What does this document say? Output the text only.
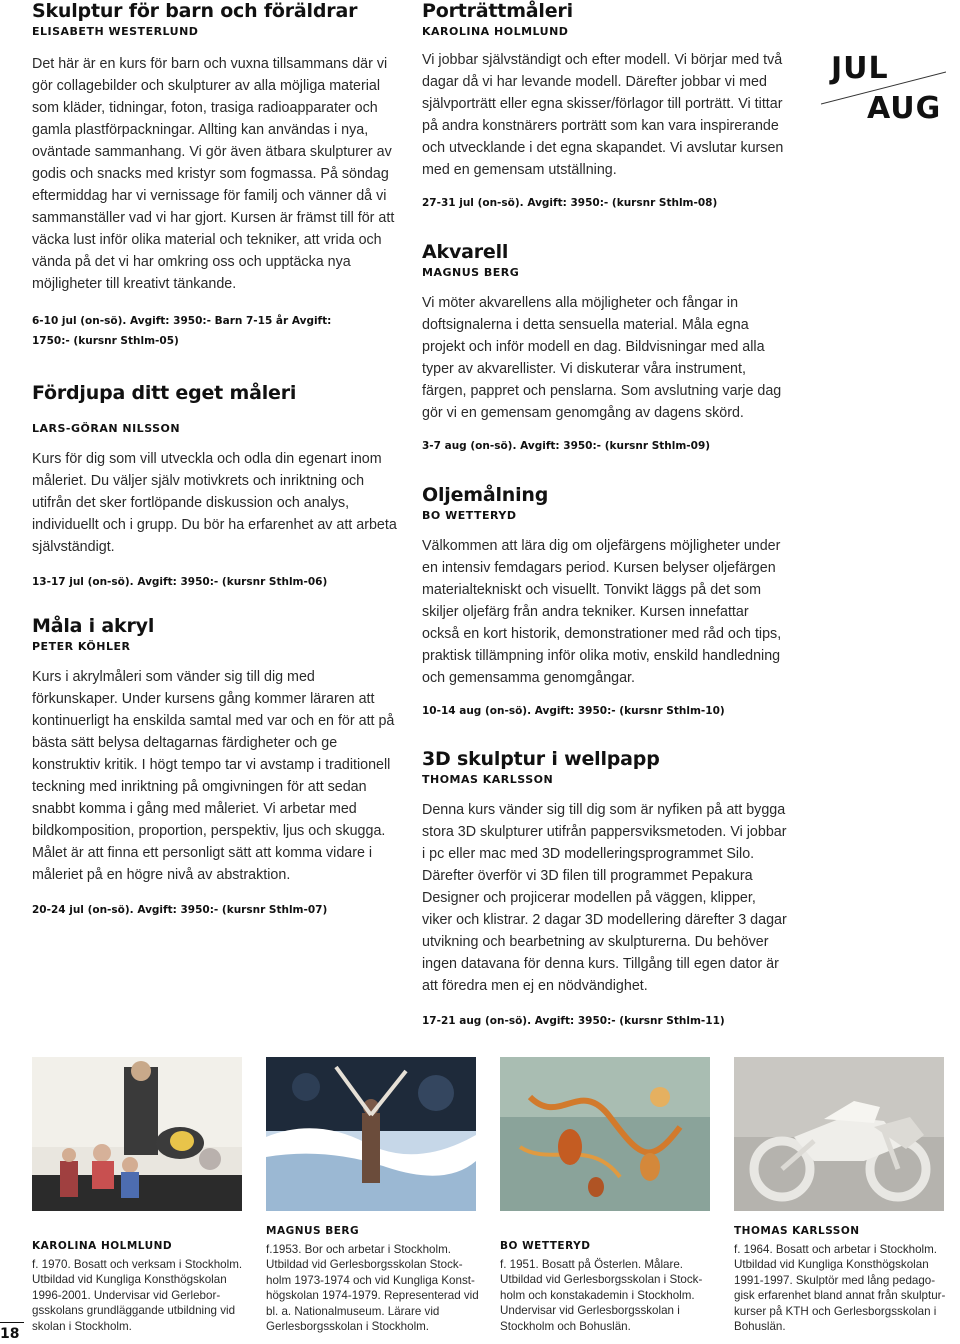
Skulptur för barn och föräldrar

ELISABETH WESTERLUND

Det här är en kurs för barn och vuxna tillsammans där vi gör collagebilder och skulpturer av alla möjliga material som kläder, tidningar, foton, trasiga radioapparater och gamla plastförpackningar. Allting kan användas i nya, oväntade sammanhang. Vi gör även ätbara skulpturer av godis och snacks med kristyr som fogmassa. På söndag eftermiddag har vi vernissage för familj och vänner då vi sammanställer vad vi har gjort. Kursen är främst till för att väcka lust inför olika material och tekniker, att vrida och vända på det vi har omkring oss och upptäcka nya möjligheter till kreativt tänkande.

6-10 jul (on-sö). Avgift: 3950:- Barn 7-15 år Avgift: 1750:- (kursnr Sthlm-05)

Fördjupa ditt eget måleri

LARS-GÖRAN NILSSON

Kurs för dig som vill utveckla och odla din egenart inom måleriet. Du väljer själv motivkrets och inriktning och utifrån det sker fortlöpande diskussion och analys, individuellt och i grupp. Du bör ha erfarenhet av att arbeta självständigt.

13-17 jul (on-sö). Avgift: 3950:- (kursnr Sthlm-06)

Måla i akryl

PETER KÖHLER

Kurs i akrylmåleri som vänder sig till dig med förkunskaper. Under kursens gång kommer läraren att kontinuerligt ha enskilda samtal med var och en för att på bästa sätt belysa deltagarnas färdigheter och ge konstruktiv kritik. I högt tempo tar vi avstamp i traditionell teckning med inriktning på omgivningen för att sedan snabbt komma i gång med måleriet. Vi arbetar med bildkomposition, proportion, perspektiv, ljus och skugga. Målet är att finna ett personligt sätt att komma vidare i måleriet på en högre nivå av abstraktion.

20-24 jul (on-sö). Avgift: 3950:- (kursnr Sthlm-07)

Porträttmåleri

KAROLINA HOLMLUND

Vi jobbar självständigt och efter modell. Vi börjar med två dagar då vi har levande modell. Därefter jobbar vi med självporträtt eller egna skisser/förlagor till porträtt. Vi tittar på andra konstnärers porträtt som kan vara inspirerande och utvecklande i det egna skapandet. Vi avslutar kursen med en gemensam utställning.

27-31 jul (on-sö). Avgift: 3950:- (kursnr Sthlm-08)

Akvarell

MAGNUS BERG

Vi möter akvarellens alla möjligheter och fångar in doftsignalerna i detta sensuella material. Måla egna projekt och inför modell en dag. Bildvisningar med alla typer av akvarellister. Vi diskuterar våra instrument, färgen, pappret och penslarna. Som avslutning varje dag gör vi en gemensam genomgång av dagens skörd.

3-7 aug (on-sö). Avgift: 3950:- (kursnr Sthlm-09)

Oljemålning

BO WETTERYD

Välkommen att lära dig om oljefärgens möjligheter under en intensiv femdagars period. Kursen belyser oljefärgen materialtekniskt och visuellt. Tonvikt läggs på det som skiljer oljefärg från andra tekniker. Kursen innefattar också en kort historik, demonstrationer med råd och tips, praktisk tillämpning inför olika motiv, enskild handledning och gemensamma genomgångar.

10-14 aug (on-sö). Avgift: 3950:- (kursnr Sthlm-10)

3D skulptur i wellpapp

THOMAS KARLSSON

Denna kurs vänder sig till dig som är nyfiken på att bygga stora 3D skulpturer utifrån pappersviksmetoden. Vi jobbar i pc eller mac med 3D modelleringsprogrammet Silo. Därefter överför vi 3D filen till programmet Pepakura Designer och projicerar modellen på väggen, klipper, viker och klistrar. 2 dagar 3D modellering därefter 3 dagar utvikning och bearbetning av skulpturerna. Du behöver ingen datavana för denna kurs. Tillgång till egen dator är att föredra men ej en nödvändighet.

17-21 aug (on-sö). Avgift: 3950:- (kursnr Sthlm-11)

JUL
AUG
KAROLINA HOLMLUND
f. 1970. Bosatt och verksam i Stockholm. Utbildad vid Kungliga Konsthögskolan 1996-2001. Undervisar vid Gerleborgsskolans grundläggande utbildning vid skolan i Stockholm.
MAGNUS BERG
f.1953. Bor och arbetar i Stockholm. Utbildad vid Gerlesborgsskolan Stockholm 1973-1974 och vid Kungliga Konsthögskolan 1974-1979. Representerad vid bl. a. Nationalmuseum. Lärare vid Gerlesborgsskolan i Stockholm.
BO WETTERYD
f. 1951. Bosatt på Österlen. Målare. Utbildad vid Gerlesborgsskolan i Stockholm och konstakademin i Stockholm. Undervisar vid Gerlesborgsskolan i Stockholm och Bohuslän.
THOMAS KARLSSON
f. 1964. Bosatt och arbetar i Stockholm. Utbildad vid Kungliga Konsthögskolan 1991-1997. Skulptör med lång pedagogisk erfarenhet bland annat från skulpturkurser på KTH och Gerlesborgsskolan i Bohuslän.
18
